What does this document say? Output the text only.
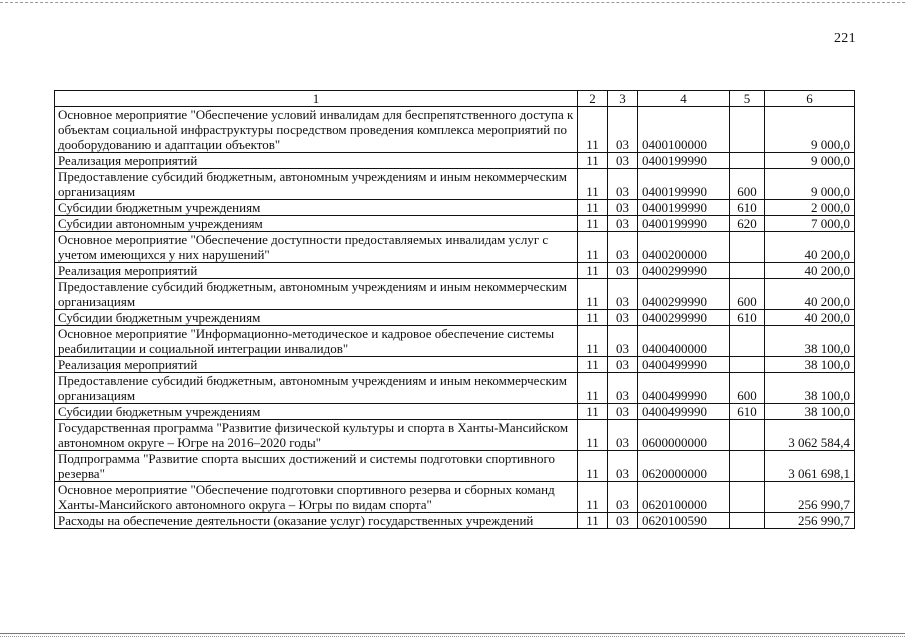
221
1	2	3	4	5	6
Основное мероприятие "Обеспечение условий инвалидам для беспрепятственного доступа к объектам социальной инфраструктуры посредством проведения комплекса мероприятий по дооборудованию и адаптации объектов"	11	03	0400100000		9 000,0
Реализация мероприятий	11	03	0400199990		9 000,0
Предоставление субсидий бюджетным, автономным учреждениям и иным некоммерческим организациям	11	03	0400199990	600	9 000,0
Субсидии бюджетным учреждениям	11	03	0400199990	610	2 000,0
Субсидии автономным учреждениям	11	03	0400199990	620	7 000,0
Основное мероприятие "Обеспечение доступности предоставляемых инвалидам услуг с учетом имеющихся у них нарушений"	11	03	0400200000		40 200,0
Реализация мероприятий	11	03	0400299990		40 200,0
Предоставление субсидий бюджетным, автономным учреждениям и иным некоммерческим организациям	11	03	0400299990	600	40 200,0
Субсидии бюджетным учреждениям	11	03	0400299990	610	40 200,0
Основное мероприятие "Информационно-методическое и кадровое обеспечение системы реабилитации и социальной интеграции инвалидов"	11	03	0400400000		38 100,0
Реализация мероприятий	11	03	0400499990		38 100,0
Предоставление субсидий бюджетным, автономным учреждениям и иным некоммерческим организациям	11	03	0400499990	600	38 100,0
Субсидии бюджетным учреждениям	11	03	0400499990	610	38 100,0
Государственная программа "Развитие физической культуры и спорта в Ханты-Мансийском автономном округе – Югре на 2016–2020 годы"	11	03	0600000000		3 062 584,4
Подпрограмма "Развитие спорта высших достижений и системы подготовки спортивного резерва"	11	03	0620000000		3 061 698,1
Основное мероприятие "Обеспечение подготовки спортивного резерва и сборных команд Ханты-Мансийского автономного округа – Югры по видам спорта"	11	03	0620100000		256 990,7
Расходы на обеспечение деятельности (оказание услуг) государственных учреждений	11	03	0620100590		256 990,7
